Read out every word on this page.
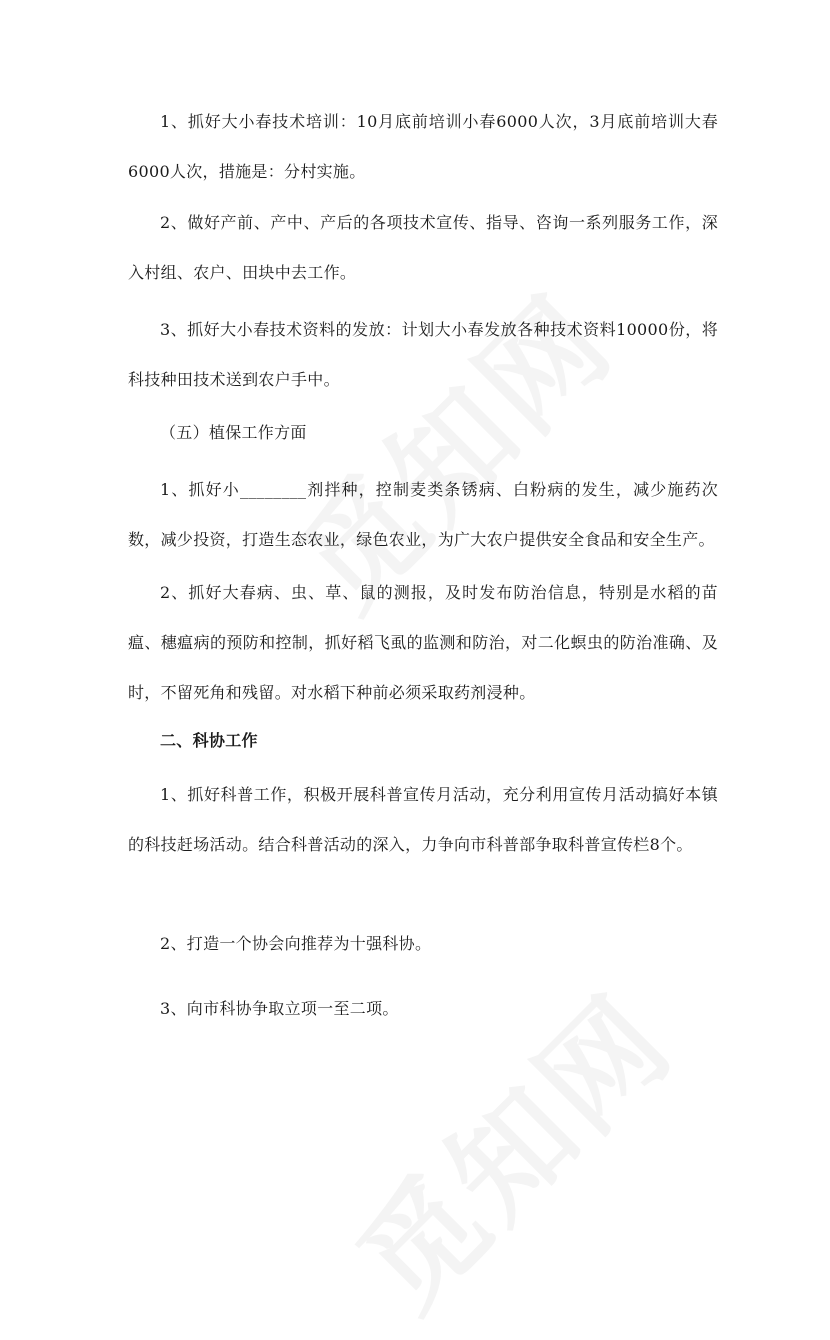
1、抓好大小春技术培训：10月底前培训小春6000人次，3月底前培训大春6000人次，措施是：分村实施。

2、做好产前、产中、产后的各项技术宣传、指导、咨询一系列服务工作，深入村组、农户、田块中去工作。

3、抓好大小春技术资料的发放：计划大小春发放各种技术资料10000份，将科技种田技术送到农户手中。

（五）植保工作方面

1、抓好小________剂拌种，控制麦类条锈病、白粉病的发生，减少施药次数，减少投资，打造生态农业，绿色农业，为广大农户提供安全食品和安全生产。

2、抓好大春病、虫、草、鼠的测报，及时发布防治信息，特别是水稻的苗瘟、穗瘟病的预防和控制，抓好稻飞虱的监测和防治，对二化螟虫的防治准确、及时，不留死角和残留。对水稻下种前必须采取药剂浸种。

二、科协工作

1、抓好科普工作，积极开展科普宣传月活动，充分利用宣传月活动搞好本镇的科技赶场活动。结合科普活动的深入，力争向市科普部争取科普宣传栏8个。

2、打造一个协会向推荐为十强科协。

3、向市科协争取立项一至二项。
